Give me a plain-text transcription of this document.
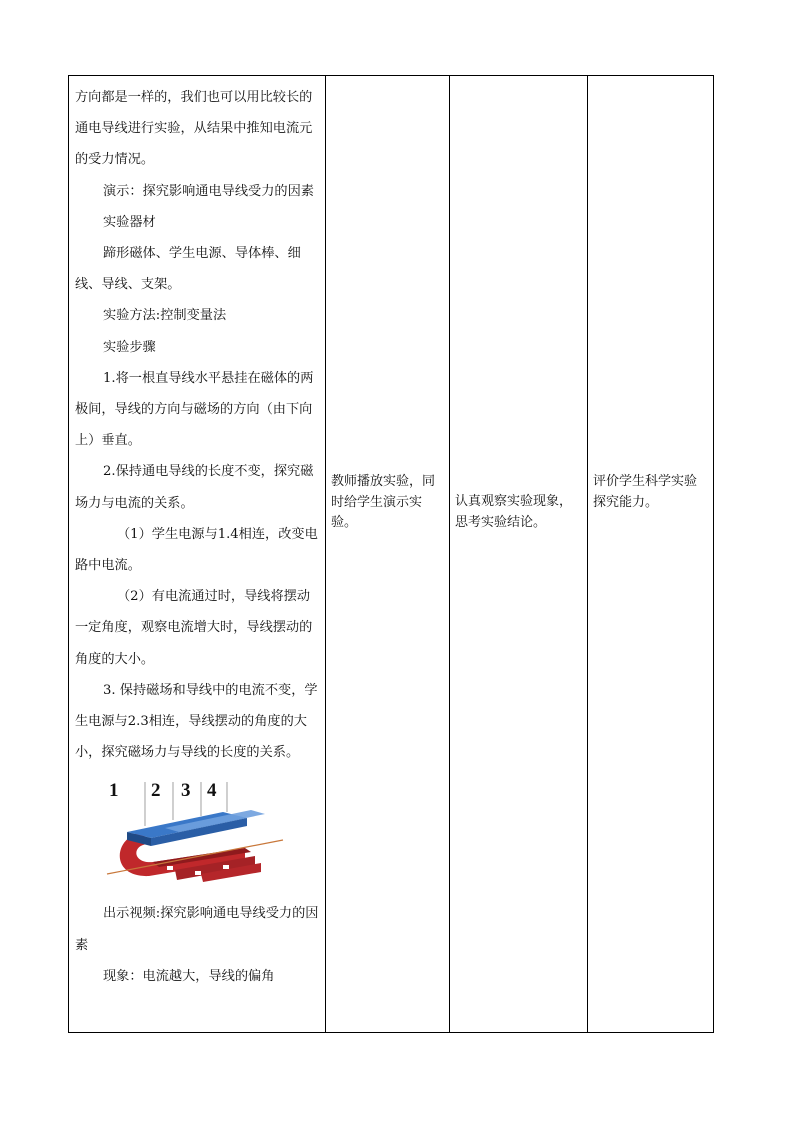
方向都是一样的，我们也可以用比较长的通电导线进行实验，从结果中推知电流元的受力情况。

演示：探究影响通电导线受力的因素

实验器材

蹄形磁体、学生电源、导体棒、细线、导线、支架。

实验方法:控制变量法

实验步骤

1.将一根直导线水平悬挂在磁体的两极间，导线的方向与磁场的方向（由下向上）垂直。

2.保持通电导线的长度不变，探究磁场力与电流的关系。

（1）学生电源与1.4相连，改变电路中电流。

（2）有电流通过时，导线将摆动一定角度，观察电流增大时，导线摆动的角度的大小。

3. 保持磁场和导线中的电流不变，学生电源与2.3相连，导线摆动的角度的大小，探究磁场力与导线的长度的关系。

1 2 3 4

出示视频:探究影响通电导线受力的因素

现象：电流越大，导线的偏角

教师播放实验，同时给学生演示实验。
认真观察实验现象，思考实验结论。
评价学生科学实验探究能力。
